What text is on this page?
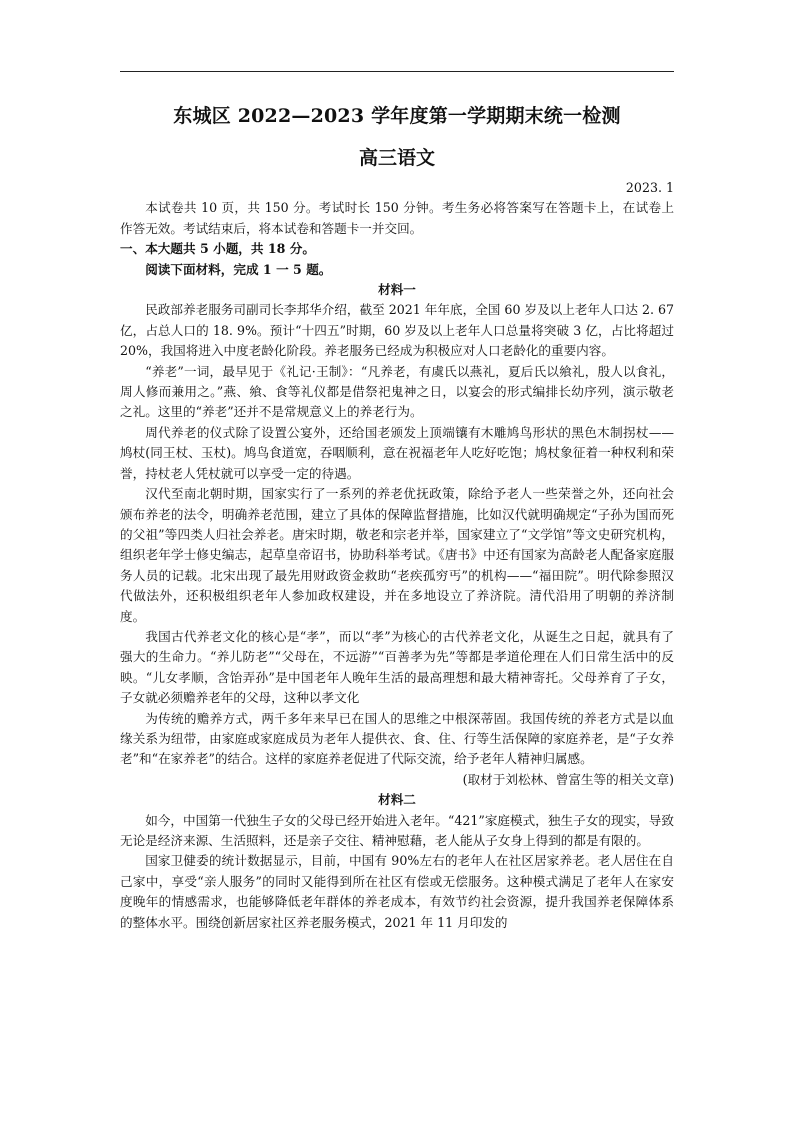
东城区 2022—2023 学年度第一学期期末统一检测
高三语文

2023. 1

本试卷共 10 页，共 150 分。考试时长 150 分钟。考生务必将答案写在答题卡上，在试卷上作答无效。考试结束后，将本试卷和答题卡一并交回。

一、本大题共 5 小题，共 18 分。

阅读下面材料，完成 1 一 5 题。

材料一

民政部养老服务司副司长李邦华介绍，截至 2021 年年底，全国 60 岁及以上老年人口达 2. 67 亿，占总人口的 18. 9%。预计“十四五”时期，60 岁及以上老年人口总量将突破 3 亿，占比将超过 20%，我国将进入中度老龄化阶段。养老服务已经成为积极应对人口老龄化的重要内容。

“养老”一词，最早见于《礼记·王制》：“凡养老，有虞氏以燕礼，夏后氏以飨礼，殷人以食礼，周人修而兼用之。”燕、飨、食等礼仪都是借祭祀鬼神之日，以宴会的形式编排长幼序列，演示敬老之礼。这里的“养老”还并不是常规意义上的养老行为。

周代养老的仪式除了设置公宴外，还给国老颁发上顶端镶有木雕鸠鸟形状的黑色木制拐杖——鸠杖(同王杖、玉杖)。鸠鸟食道宽，吞咽顺利，意在祝福老年人吃好吃饱；鸠杖象征着一种权利和荣誉，持杖老人凭杖就可以享受一定的待遇。

汉代至南北朝时期，国家实行了一系列的养老优抚政策，除给予老人一些荣誉之外，还向社会颁布养老的法令，明确养老范围，建立了具体的保障监督措施，比如汉代就明确规定“子孙为国而死的父祖”等四类人归社会养老。唐宋时期，敬老和宗老并举，国家建立了“文学馆”等文史研究机构，组织老年学士修史编志，起草皇帝诏书，协助科举考试。《唐书》中还有国家为高龄老人配备家庭服务人员的记载。北宋出现了最先用财政资金救助“老疾孤穷丐”的机构——“福田院”。明代除参照汉代做法外，还积极组织老年人参加政权建设，并在多地设立了养济院。清代沿用了明朝的养济制度。

我国古代养老文化的核心是“孝”，而以“孝”为核心的古代养老文化，从诞生之日起，就具有了强大的生命力。“养儿防老”“父母在，不远游”“百善孝为先”等都是孝道伦理在人们日常生活中的反映。“儿女孝顺，含饴弄孙”是中国老年人晚年生活的最高理想和最大精神寄托。父母养育了子女，子女就必须赡养老年的父母，这种以孝文化

为传统的赡养方式，两千多年来早已在国人的思维之中根深蒂固。我国传统的养老方式是以血缘关系为纽带，由家庭或家庭成员为老年人提供衣、食、住、行等生活保障的家庭养老，是“子女养老”和“在家养老”的结合。这样的家庭养老促进了代际交流，给予老年人精神归属感。

(取材于刘松林、曾富生等的相关文章)

材料二

如今，中国第一代独生子女的父母已经开始进入老年。“421”家庭模式，独生子女的现实，导致无论是经济来源、生活照料，还是亲子交往、精神慰藉，老人能从子女身上得到的都是有限的。

国家卫健委的统计数据显示，目前，中国有 90%左右的老年人在社区居家养老。老人居住在自己家中，享受“亲人服务”的同时又能得到所在社区有偿或无偿服务。这种模式满足了老年人在家安度晚年的情感需求，也能够降低老年群体的养老成本，有效节约社会资源，提升我国养老保障体系的整体水平。围绕创新居家社区养老服务模式，2021 年 11 月印发的
